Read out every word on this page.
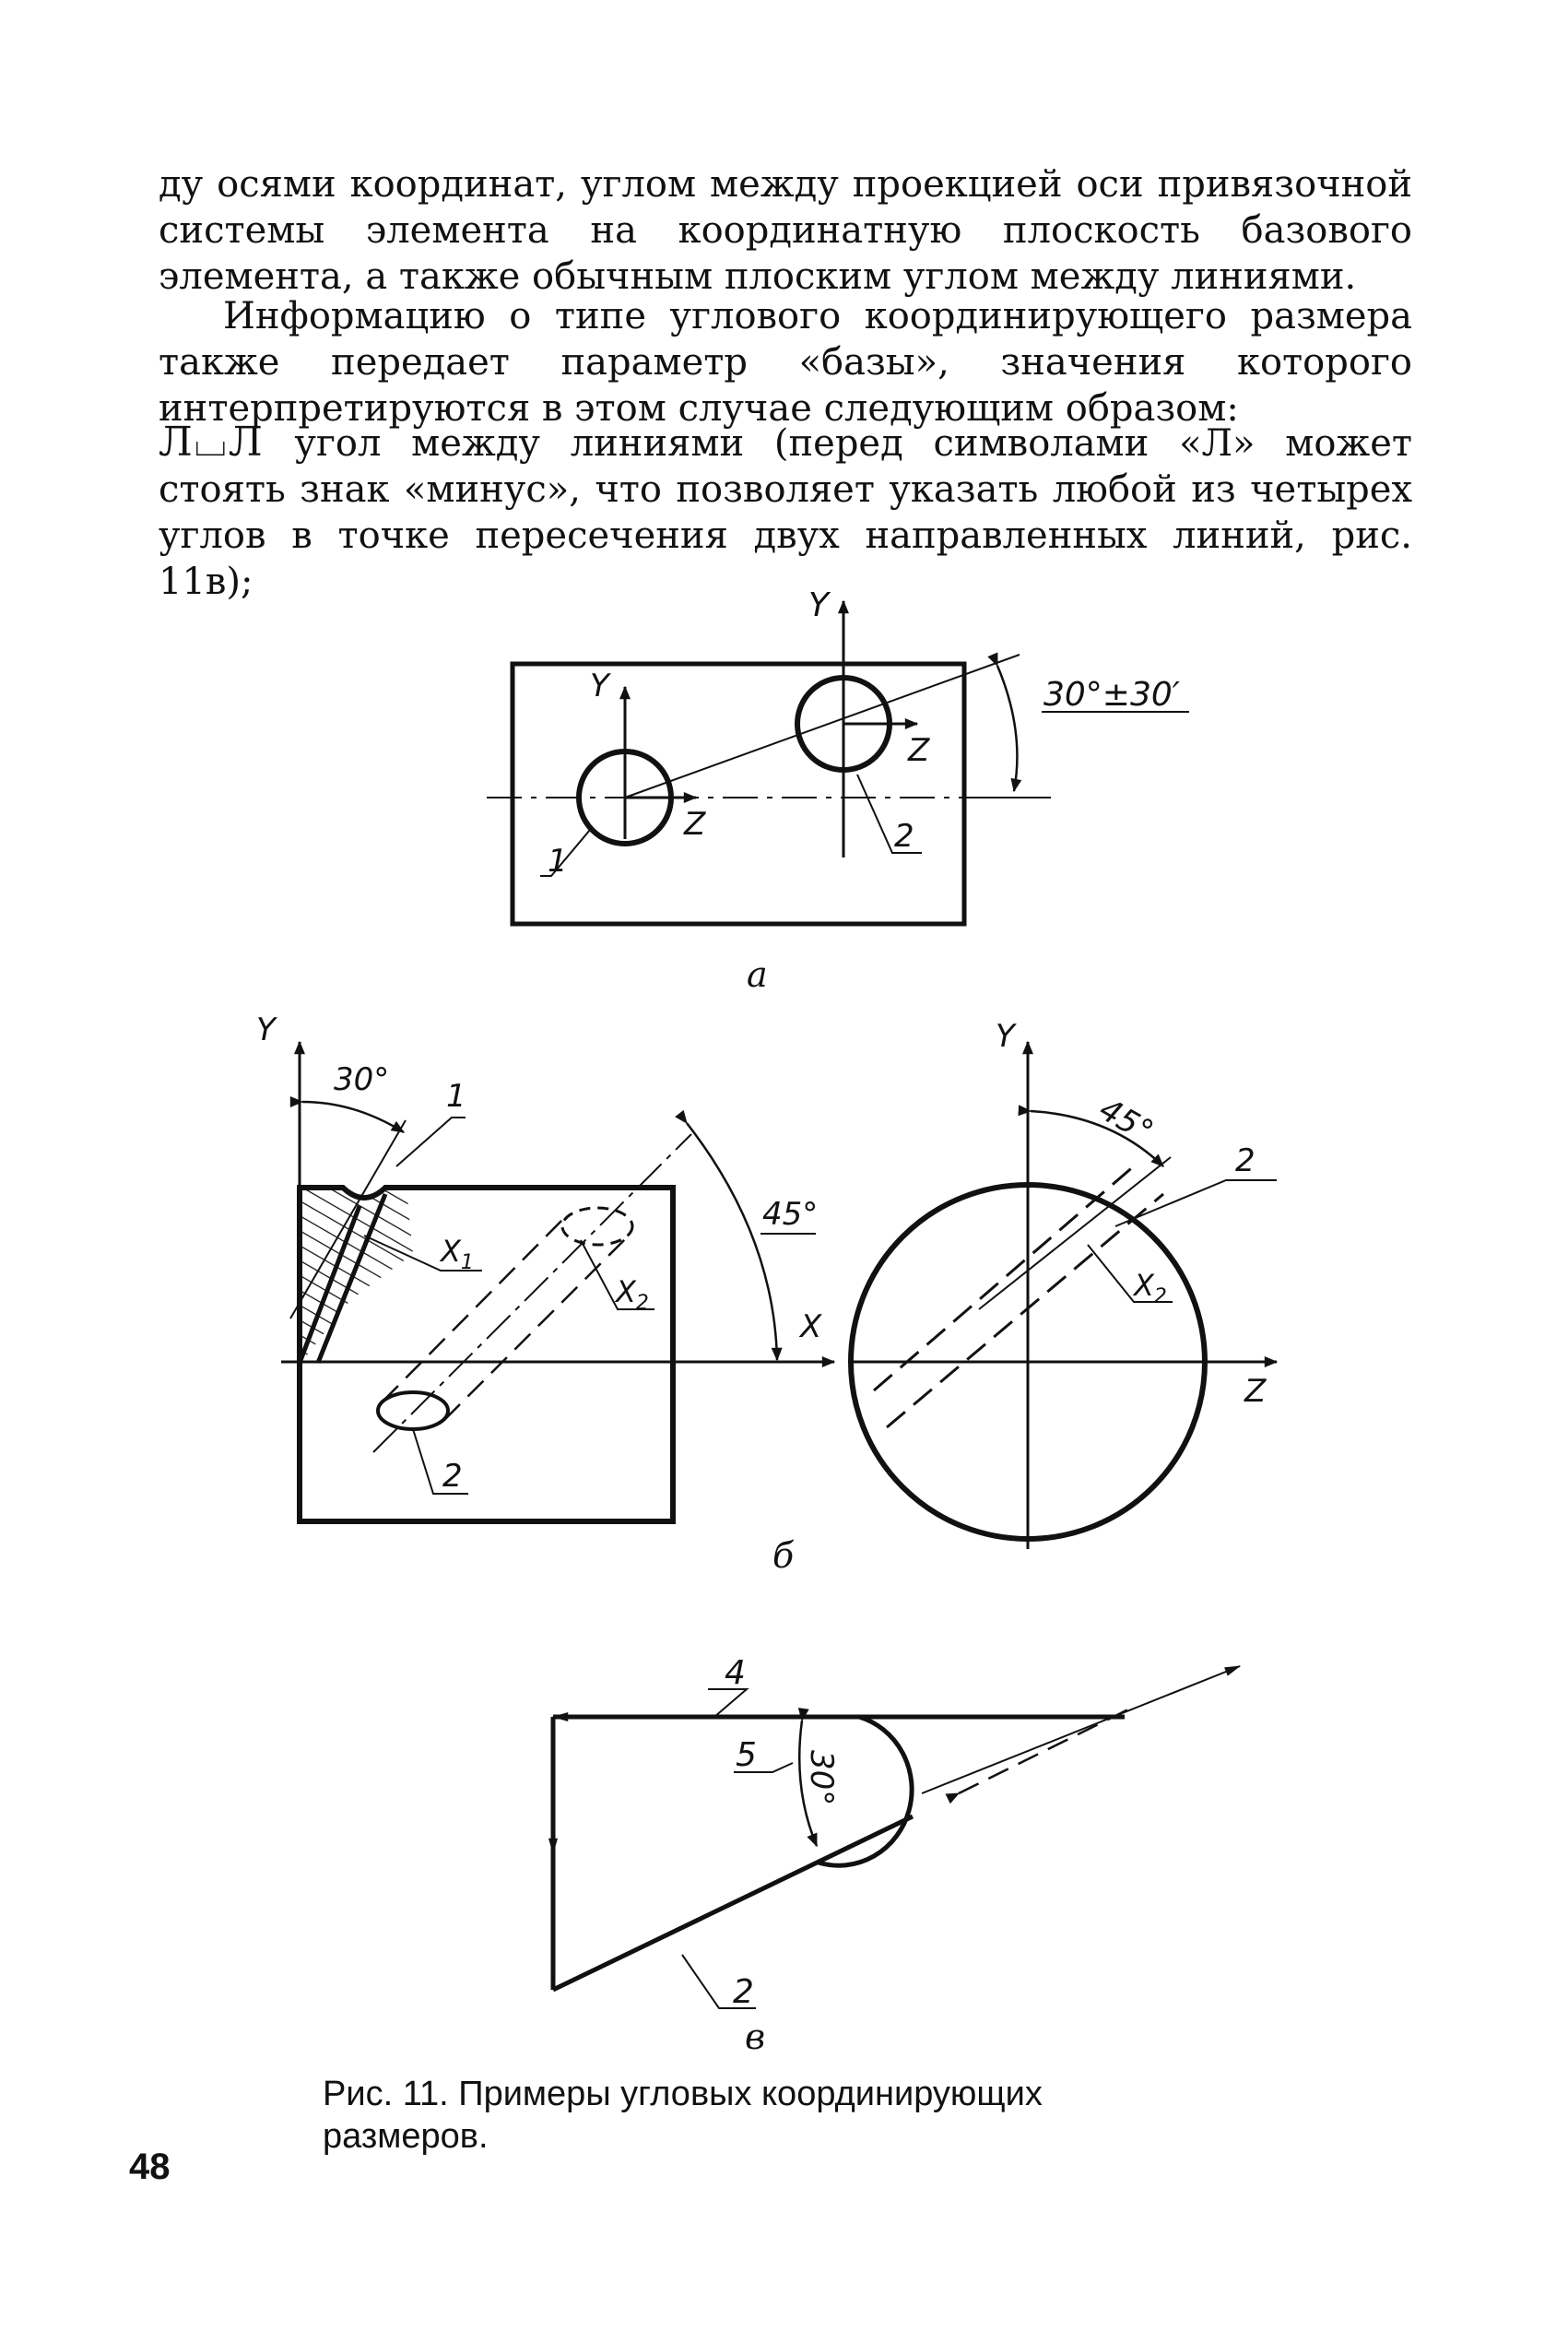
ду осями координат, углом между проекцией оси привязочной системы элемента на координатную плоскость базового элемента, а также обычным плоским углом между линиями.

Информацию о типе углового координирующего размера также передает параметр «базы», значения которого интерпретируются в этом случае следующим образом:

Л⌴Л угол между линиями (перед символами «Л» может стоять знак «минус», что позволяет указать любой из четырех углов в точке пересечения двух направленных линий, рис. 11в);

Y
Y
Z
Z
30°±30′
1
2
a
Y
X
30°
45°
1
$X_1$
$X_2$
2
Y
Z
45°
2
$X_2$
б
4
5 30°
2
в

Рис. 11. Примеры угловых координирующих размеров.

48
